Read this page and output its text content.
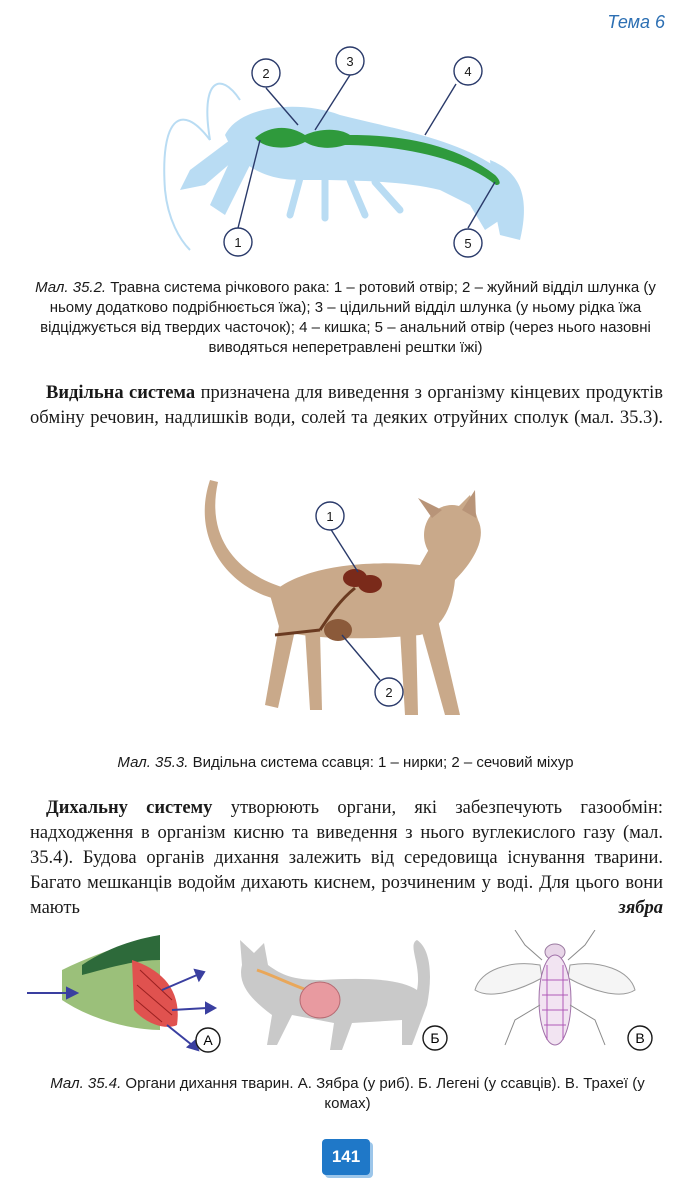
Тема 6
1
2
3
4
5
Мал. 35.2. Травна система річкового рака: 1 – ротовий отвір; 2 – жуйний відділ шлунка (у ньому додатково подрібнюється їжа); 3 – цідильний відділ шлунка (у ньому рідка їжа відціджується від твердих часточок); 4 – кишка; 5 – анальний отвір (через нього назовні виводяться неперетравлені рештки їжі)
Видільна система призначена для виведення з організму кінцевих продуктів обміну речовин, надлишків води, солей та деяких отруйних сполук (мал. 35.3).
1
2
Мал. 35.3. Видільна система ссавця: 1 – нирки; 2 – сечовий міхур
Дихальну систему утворюють органи, які забезпечують газообмін: надходження в організм кисню та виведення з нього вуглекислого газу (мал. 35.4). Будова органів дихання залежить від середовища існування тварини. Багато мешканців водойм дихають киснем, розчиненим у воді. Для цього вони мають зябра
А	Б	В
Мал. 35.4. Органи дихання тварин. А. Зябра (у риб). Б. Легені (у ссавців). В. Трахеї (у комах)
141
